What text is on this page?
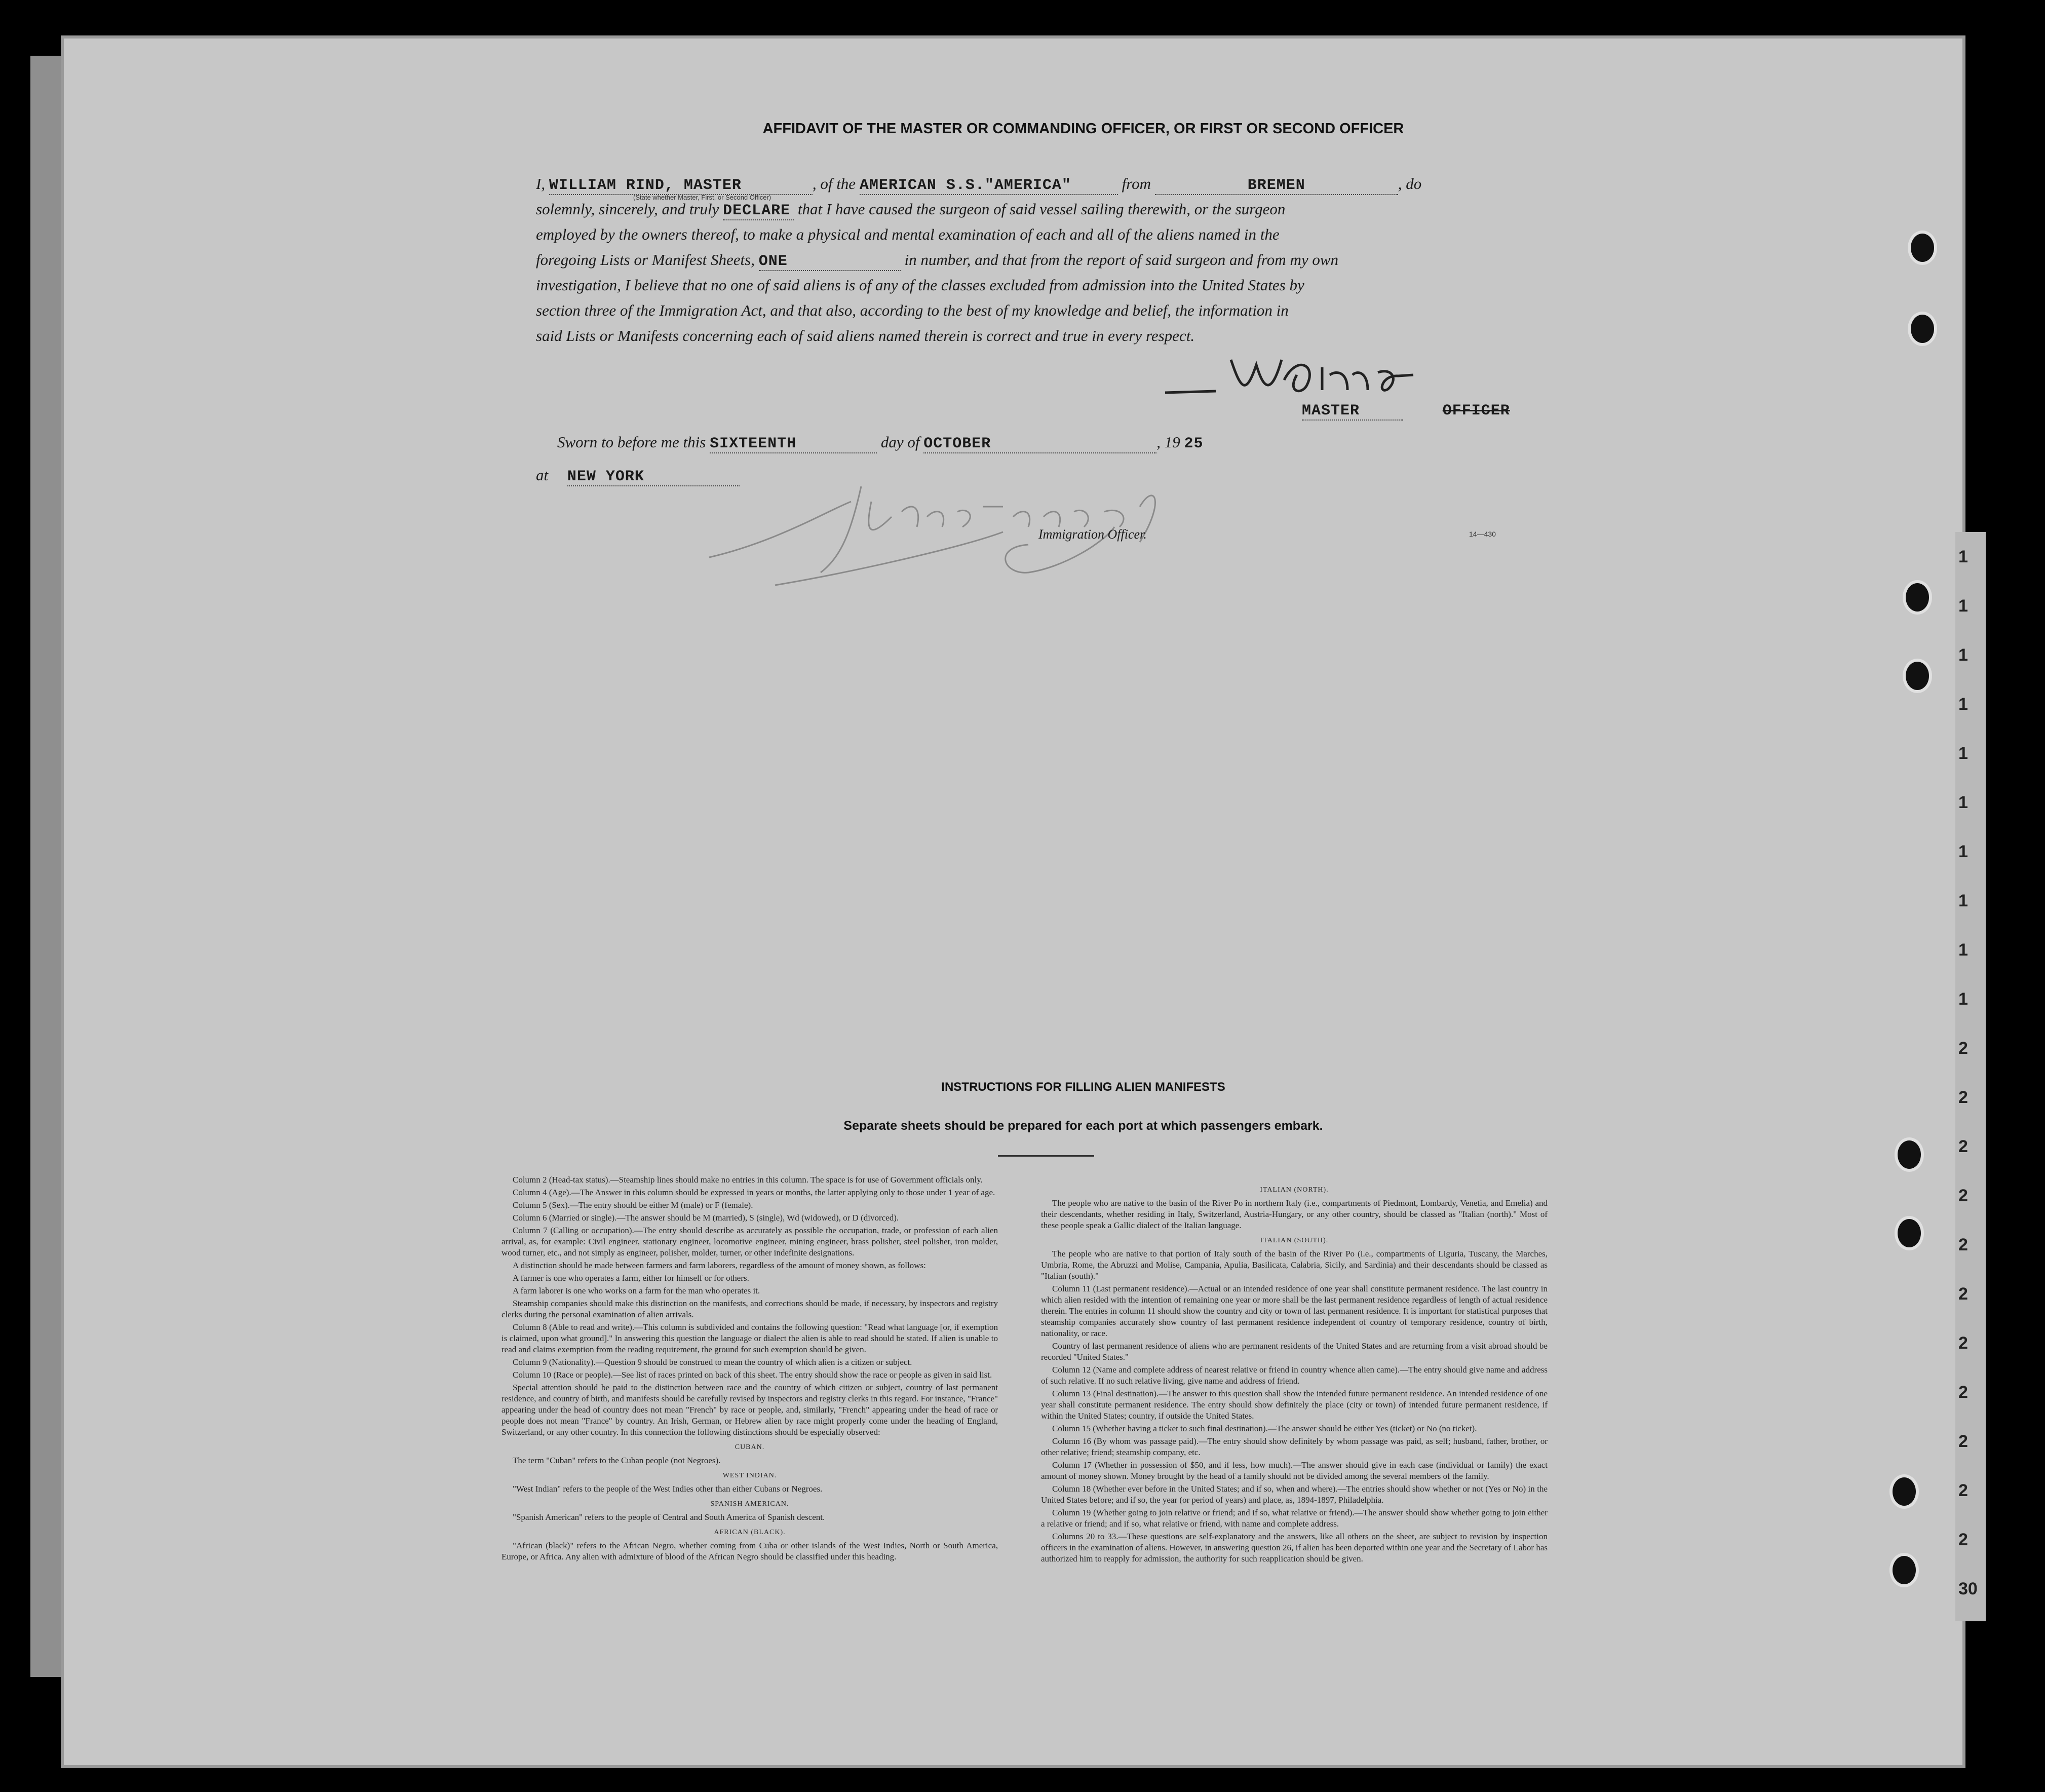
1
1
1
1
1
1
1
1
1
1
2
2
2
2
2
2
2
2
2
2
2
30
AFFIDAVIT OF THE MASTER OR COMMANDING OFFICER, OR FIRST OR SECOND OFFICER
I, WILLIAM RIND, MASTER	, of the AMERICAN S.S."AMERICA"	from	BREMEN	, do
(State whether Master, First, or Second Officer)
solemnly, sincerely, and truly DECLARE that I have caused the surgeon of said vessel sailing therewith, or the surgeon
employed by the owners thereof, to make a physical and mental examination of each and all of the aliens named in the
foregoing Lists or Manifest Sheets, ONE	in number, and that from the report of said surgeon and from my own
investigation, I believe that no one of said aliens is of any of the classes excluded from admission into the United States by
section three of the Immigration Act, and that also, according to the best of my knowledge and belief, the information in
said Lists or Manifests concerning each of said aliens named therein is correct and true in every respect.
MASTER	OFFICER
Sworn to before me this SIXTEENTH	day of OCTOBER	, 19 25
at NEW YORK
Immigration Officer.	14—430
INSTRUCTIONS FOR FILLING ALIEN MANIFESTS
Separate sheets should be prepared for each port at which passengers embark.

Column 2 (Head-tax status).—Steamship lines should make no entries in this column. The space is for use of Government officials only.

Column 4 (Age).—The Answer in this column should be expressed in years or months, the latter applying only to those under 1 year of age.

Column 5 (Sex).—The entry should be either M (male) or F (female).

Column 6 (Married or single).—The answer should be M (married), S (single), Wd (widowed), or D (divorced).

Column 7 (Calling or occupation).—The entry should describe as accurately as possible the occupation, trade, or profession of each alien arrival, as, for example: Civil engineer, stationary engineer, locomotive engineer, mining engineer, brass polisher, steel polisher, iron molder, wood turner, etc., and not simply as engineer, polisher, molder, turner, or other indefinite designations.

A distinction should be made between farmers and farm laborers, regardless of the amount of money shown, as follows:

A farmer is one who operates a farm, either for himself or for others.

A farm laborer is one who works on a farm for the man who operates it.

Steamship companies should make this distinction on the manifests, and corrections should be made, if necessary, by inspectors and registry clerks during the personal examination of alien arrivals.

Column 8 (Able to read and write).—This column is subdivided and contains the following question: "Read what language [or, if exemption is claimed, upon what ground]." In answering this question the language or dialect the alien is able to read should be stated. If alien is unable to read and claims exemption from the reading requirement, the ground for such exemption should be given.

Column 9 (Nationality).—Question 9 should be construed to mean the country of which alien is a citizen or subject.

Column 10 (Race or people).—See list of races printed on back of this sheet. The entry should show the race or people as given in said list.

Special attention should be paid to the distinction between race and the country of which citizen or subject, country of last permanent residence, and country of birth, and manifests should be carefully revised by inspectors and registry clerks in this regard. For instance, "France" appearing under the head of country does not mean "French" by race or people, and, similarly, "French" appearing under the head of race or people does not mean "France" by country. An Irish, German, or Hebrew alien by race might properly come under the heading of England, Switzerland, or any other country. In this connection the following distinctions should be especially observed:

CUBAN.

The term "Cuban" refers to the Cuban people (not Negroes).

WEST INDIAN.

"West Indian" refers to the people of the West Indies other than either Cubans or Negroes.

SPANISH AMERICAN.

"Spanish American" refers to the people of Central and South America of Spanish descent.

AFRICAN (BLACK).

"African (black)" refers to the African Negro, whether coming from Cuba or other islands of the West Indies, North or South America, Europe, or Africa. Any alien with admixture of blood of the African Negro should be classified under this heading.

ITALIAN (NORTH).

The people who are native to the basin of the River Po in northern Italy (i.e., compartments of Piedmont, Lombardy, Venetia, and Emelia) and their descendants, whether residing in Italy, Switzerland, Austria-Hungary, or any other country, should be classed as "Italian (north)." Most of these people speak a Gallic dialect of the Italian language.

ITALIAN (SOUTH).

The people who are native to that portion of Italy south of the basin of the River Po (i.e., compartments of Liguria, Tuscany, the Marches, Umbria, Rome, the Abruzzi and Molise, Campania, Apulia, Basilicata, Calabria, Sicily, and Sardinia) and their descendants should be classed as "Italian (south)."

Column 11 (Last permanent residence).—Actual or an intended residence of one year shall constitute permanent residence. The last country in which alien resided with the intention of remaining one year or more shall be the last permanent residence regardless of length of actual residence therein. The entries in column 11 should show the country and city or town of last permanent residence. It is important for statistical purposes that steamship companies accurately show country of last permanent residence independent of country of temporary residence, country of birth, nationality, or race.

Country of last permanent residence of aliens who are permanent residents of the United States and are returning from a visit abroad should be recorded "United States."

Column 12 (Name and complete address of nearest relative or friend in country whence alien came).—The entry should give name and address of such relative. If no such relative living, give name and address of friend.

Column 13 (Final destination).—The answer to this question shall show the intended future permanent residence. An intended residence of one year shall constitute permanent residence. The entry should show definitely the place (city or town) of intended future permanent residence, if within the United States; country, if outside the United States.

Column 15 (Whether having a ticket to such final destination).—The answer should be either Yes (ticket) or No (no ticket).

Column 16 (By whom was passage paid).—The entry should show definitely by whom passage was paid, as self; husband, father, brother, or other relative; friend; steamship company, etc.

Column 17 (Whether in possession of $50, and if less, how much).—The answer should give in each case (individual or family) the exact amount of money shown. Money brought by the head of a family should not be divided among the several members of the family.

Column 18 (Whether ever before in the United States; and if so, when and where).—The entries should show whether or not (Yes or No) in the United States before; and if so, the year (or period of years) and place, as, 1894-1897, Philadelphia.

Column 19 (Whether going to join relative or friend; and if so, what relative or friend).—The answer should show whether going to join either a relative or friend; and if so, what relative or friend, with name and complete address.

Columns 20 to 33.—These questions are self-explanatory and the answers, like all others on the sheet, are subject to revision by inspection officers in the examination of aliens. However, in answering question 26, if alien has been deported within one year and the Secretary of Labor has authorized him to reapply for admission, the authority for such reapplication should be given.
